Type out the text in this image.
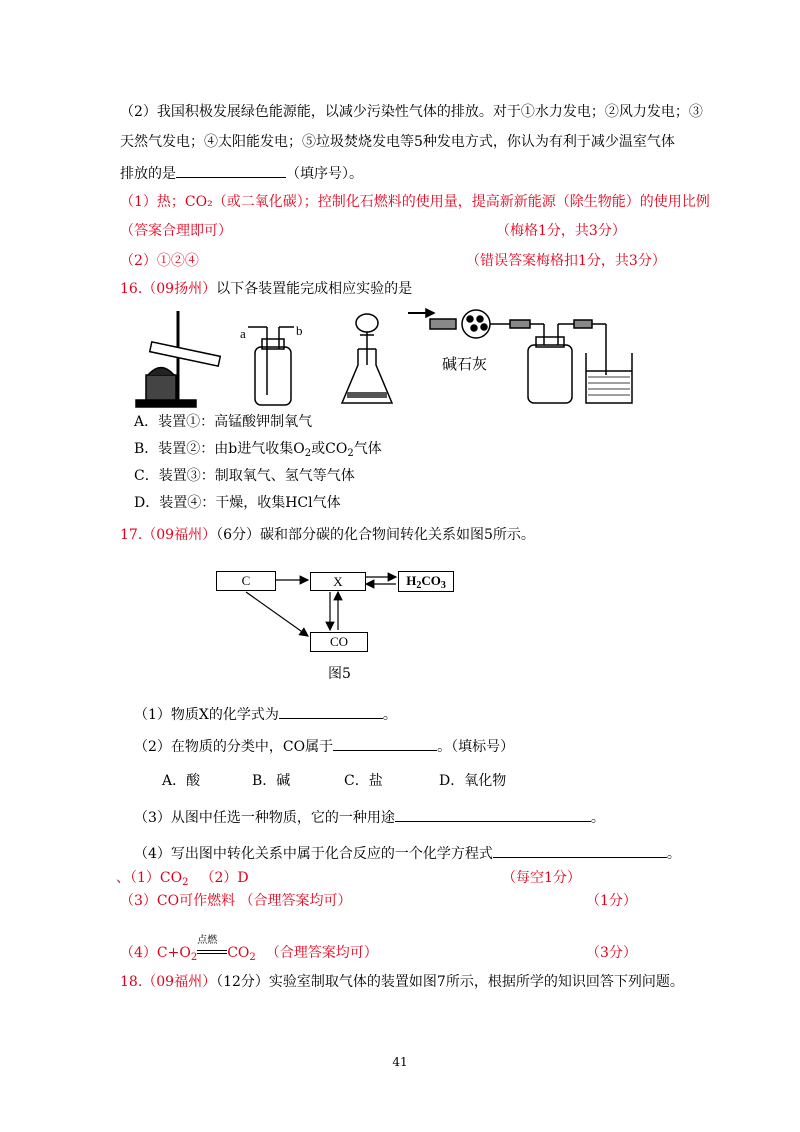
（2）我国积极发展绿色能源能，以减少污染性气体的排放。对于①水力发电；②风力发电；③
天然气发电；④太阳能发电；⑤垃圾焚烧发电等5种发电方式，你认为有利于减少温室气体
排放的是	（填序号）。
（1）热；CO₂（或二氧化碳）；控制化石燃料的使用量，提高新新能源（除生物能）的使用比例
（答案合理即可）	（梅格1分，共3分）
（2）①②④	（错误答案梅格扣1分，共3分）
16.（09扬州）以下各装置能完成相应实验的是
a	b
碱石灰
A．装置①：高锰酸钾制氧气
B．装置②：由b进气收集$O_2$或$CO_2$气体
C．装置③：制取氧气、氢气等气体
D．装置④：干燥，收集HCl气体
17.（09福州）（6分）碳和部分碳的化合物间转化关系如图5所示。
C	X	$H_2CO_3$
CO
图5
（1）物质X的化学式为	。
（2）在物质的分类中，CO属于	。（填标号）
A．酸	B．碱	C．盐	D．氧化物
（3）从图中任选一种物质，它的一种用途	。
（4）写出图中转化关系中属于化合反应的一个化学方程式	。
、$(1)CO_2$ （2）D	（每空1分）
（3）CO可作燃料 （合理答案均可）	（1分）
$(4)C+O_2$
点燃
$CO_2$ （合理答案均可）	（3分）
18.（09福州）（12分）实验室制取气体的装置如图7所示，根据所学的知识回答下列问题。
41
